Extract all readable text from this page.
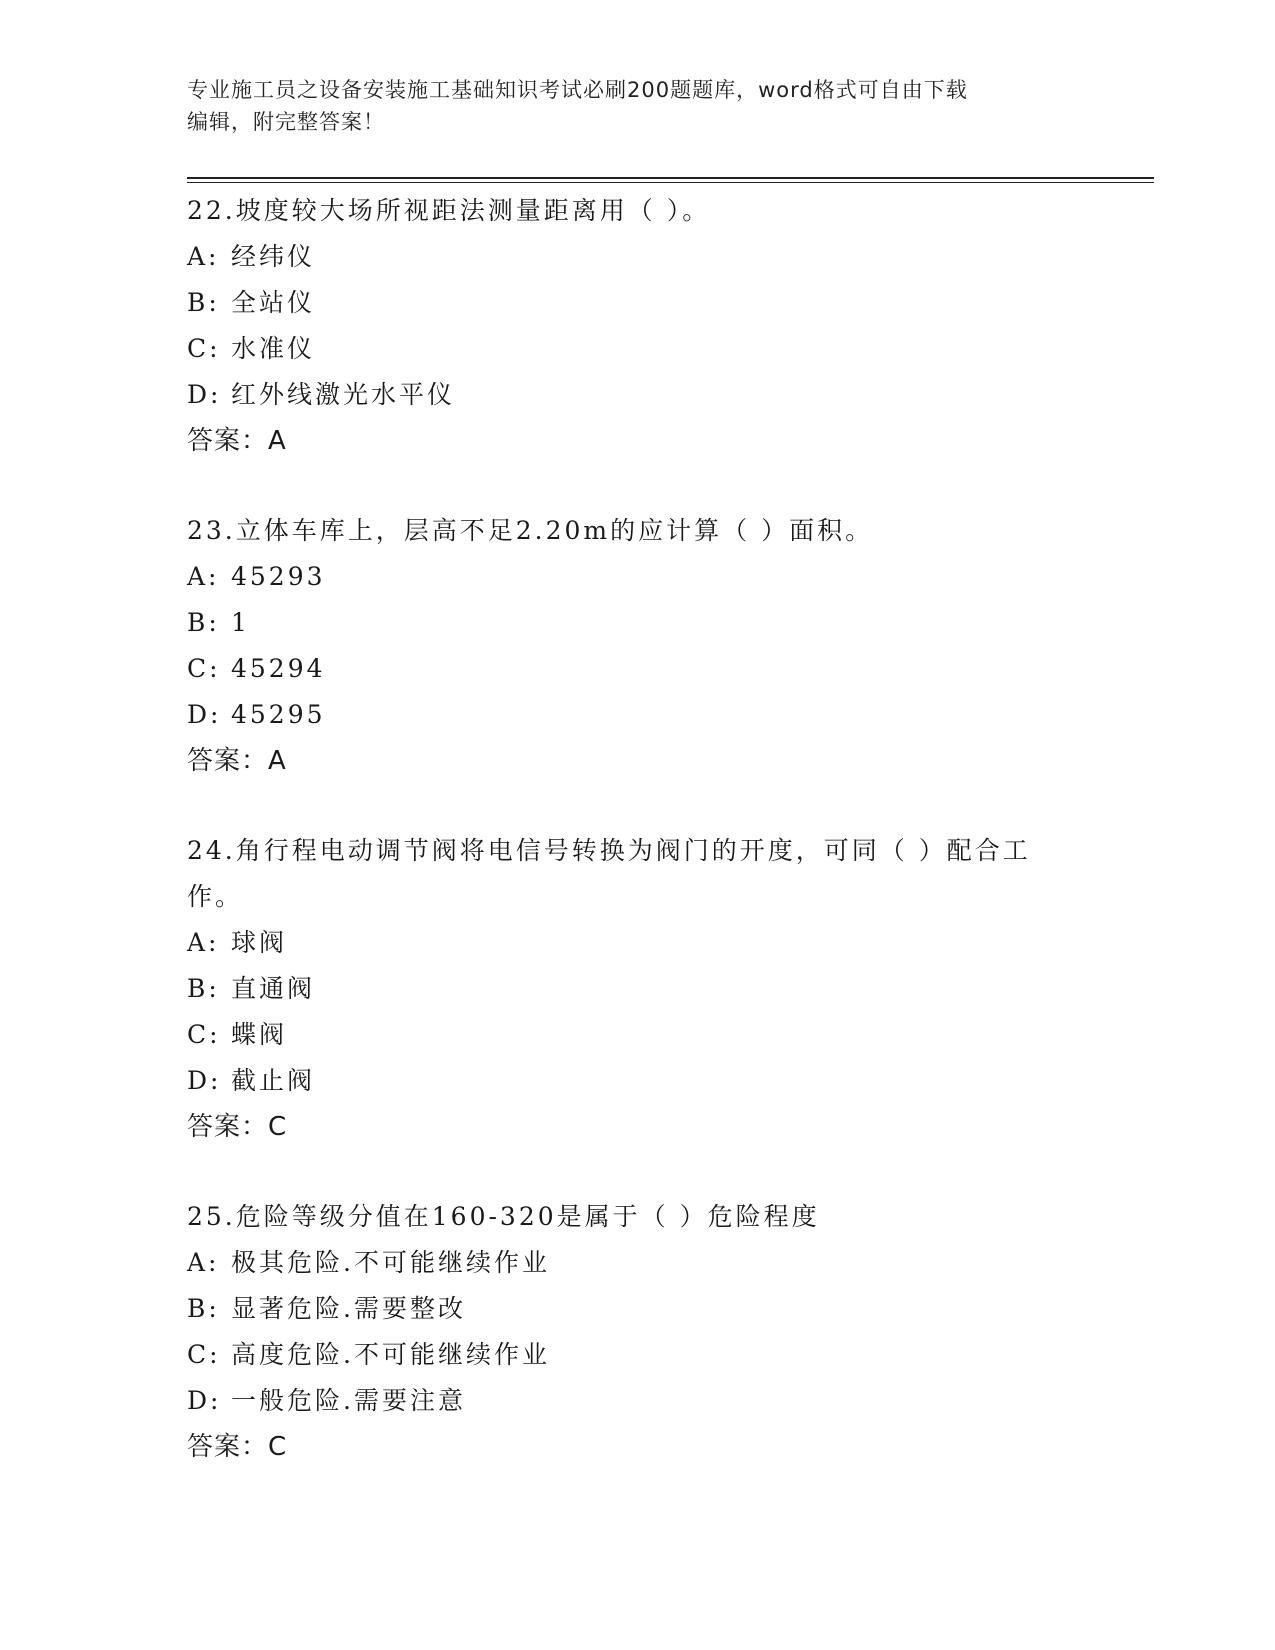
专业施工员之设备安装施工基础知识考试必刷200题题库，word格式可自由下载
编辑，附完整答案！
22.坡度较大场所视距法测量距离用（ ）。
A: 经纬仪
B: 全站仪
C: 水准仪
D: 红外线激光水平仪
答案：A
23.立体车库上，层高不足2.20m的应计算（ ）面积。
A: 45293
B: 1
C: 45294
D: 45295
答案：A
24.角行程电动调节阀将电信号转换为阀门的开度，可同（ ）配合工作。
A: 球阀
B: 直通阀
C: 蝶阀
D: 截止阀
答案：C
25.危险等级分值在160-320是属于（ ）危险程度
A: 极其危险.不可能继续作业
B: 显著危险.需要整改
C: 高度危险.不可能继续作业
D: 一般危险.需要注意
答案：C
